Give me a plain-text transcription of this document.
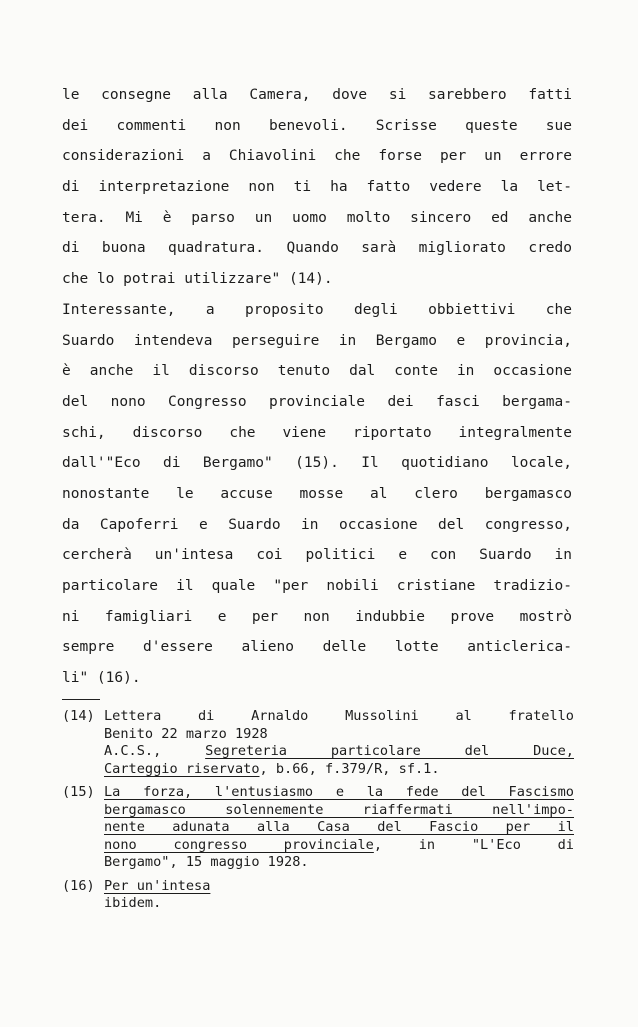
le consegne alla Camera, dove si sarebbero fatti
dei commenti non benevoli. Scrisse queste sue
considerazioni a Chiavolini che forse per un errore
di interpretazione non ti ha fatto vedere la let-
tera. Mi è parso un uomo molto sincero ed anche
di buona quadratura. Quando sarà migliorato credo
che lo potrai utilizzare" (14).
Interessante, a proposito degli obbiettivi che
Suardo intendeva perseguire in Bergamo e provincia,
è anche il discorso tenuto dal conte in occasione
del nono Congresso provinciale dei fasci bergama-
schi, discorso che viene riportato integralmente
dall'"Eco di Bergamo" (15). Il quotidiano locale,
nonostante le accuse mosse al clero bergamasco
da Capoferri e Suardo in occasione del congresso,
cercherà un'intesa coi politici e con Suardo in
particolare il quale "per nobili cristiane tradizio-
ni famigliari e per non indubbie prove mostrò
sempre d'essere alieno delle lotte anticlerica-
li" (16).
(14) Lettera di Arnaldo Mussolini al fratello
Benito 22 marzo 1928
A.C.S., Segreteria particolare del Duce,
Carteggio riservato, b.66, f.379/R, sf.1.
(15) La forza, l'entusiasmo e la fede del Fascismo
bergamasco solennemente riaffermati nell'impo-
nente adunata alla Casa del Fascio per il
nono congresso provinciale, in "L'Eco di
Bergamo", 15 maggio 1928.
(16) Per un'intesa
ibidem.
